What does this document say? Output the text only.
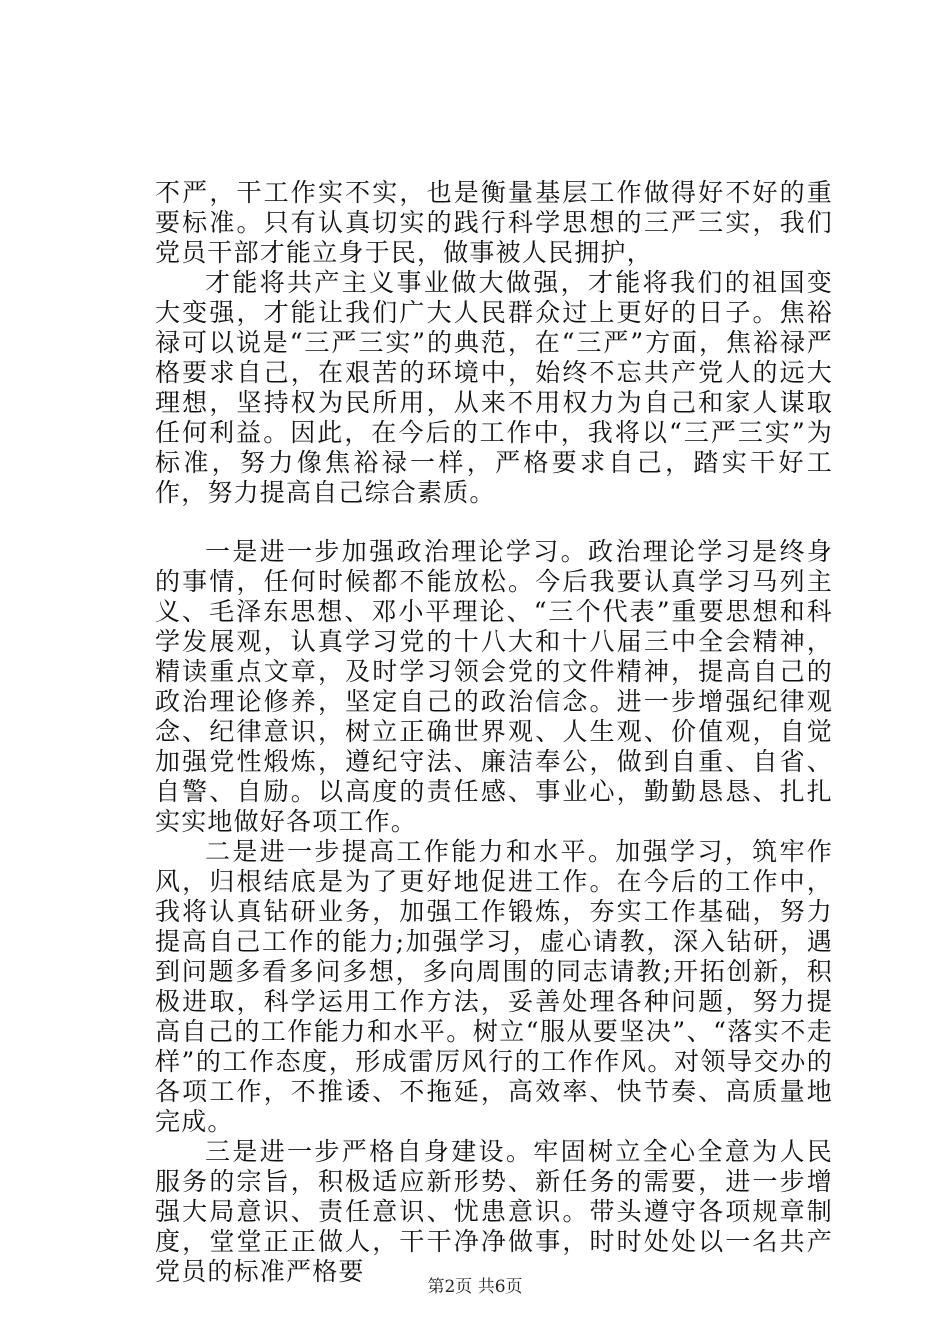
不严，干工作实不实，也是衡量基层工作做得好不好的重要标准。只有认真切实的践行科学思想的三严三实，我们党员干部才能立身于民，做事被人民拥护，

才能将共产主义事业做大做强，才能将我们的祖国变大变强，才能让我们广大人民群众过上更好的日子。焦裕禄可以说是“三严三实”的典范，在“三严”方面，焦裕禄严格要求自己，在艰苦的环境中，始终不忘共产党人的远大理想，坚持权为民所用，从来不用权力为自己和家人谋取任何利益。因此，在今后的工作中，我将以“三严三实”为标准，努力像焦裕禄一样，严格要求自己，踏实干好工作，努力提高自己综合素质。

一是进一步加强政治理论学习。政治理论学习是终身的事情，任何时候都不能放松。今后我要认真学习马列主义、毛泽东思想、邓小平理论、“三个代表”重要思想和科学发展观，认真学习党的十八大和十八届三中全会精神，精读重点文章，及时学习领会党的文件精神，提高自己的政治理论修养，坚定自己的政治信念。进一步增强纪律观念、纪律意识，树立正确世界观、人生观、价值观，自觉加强党性煅炼，遵纪守法、廉洁奉公，做到自重、自省、自警、自励。以高度的责任感、事业心，勤勤恳恳、扎扎实实地做好各项工作。

二是进一步提高工作能力和水平。加强学习，筑牢作风，归根结底是为了更好地促进工作。在今后的工作中，我将认真钻研业务，加强工作锻炼，夯实工作基础，努力提高自己工作的能力;加强学习，虚心请教，深入钻研，遇到问题多看多问多想，多向周围的同志请教;开拓创新，积极进取，科学运用工作方法，妥善处理各种问题，努力提高自己的工作能力和水平。树立“服从要坚决”、“落实不走样”的工作态度，形成雷厉风行的工作作风。对领导交办的各项工作，不推诿、不拖延，高效率、快节奏、高质量地完成。

三是进一步严格自身建设。牢固树立全心全意为人民服务的宗旨，积极适应新形势、新任务的需要，进一步增强大局意识、责任意识、忧患意识。带头遵守各项规章制度，堂堂正正做人，干干净净做事，时时处处以一名共产党员的标准严格要

第2页 共6页
